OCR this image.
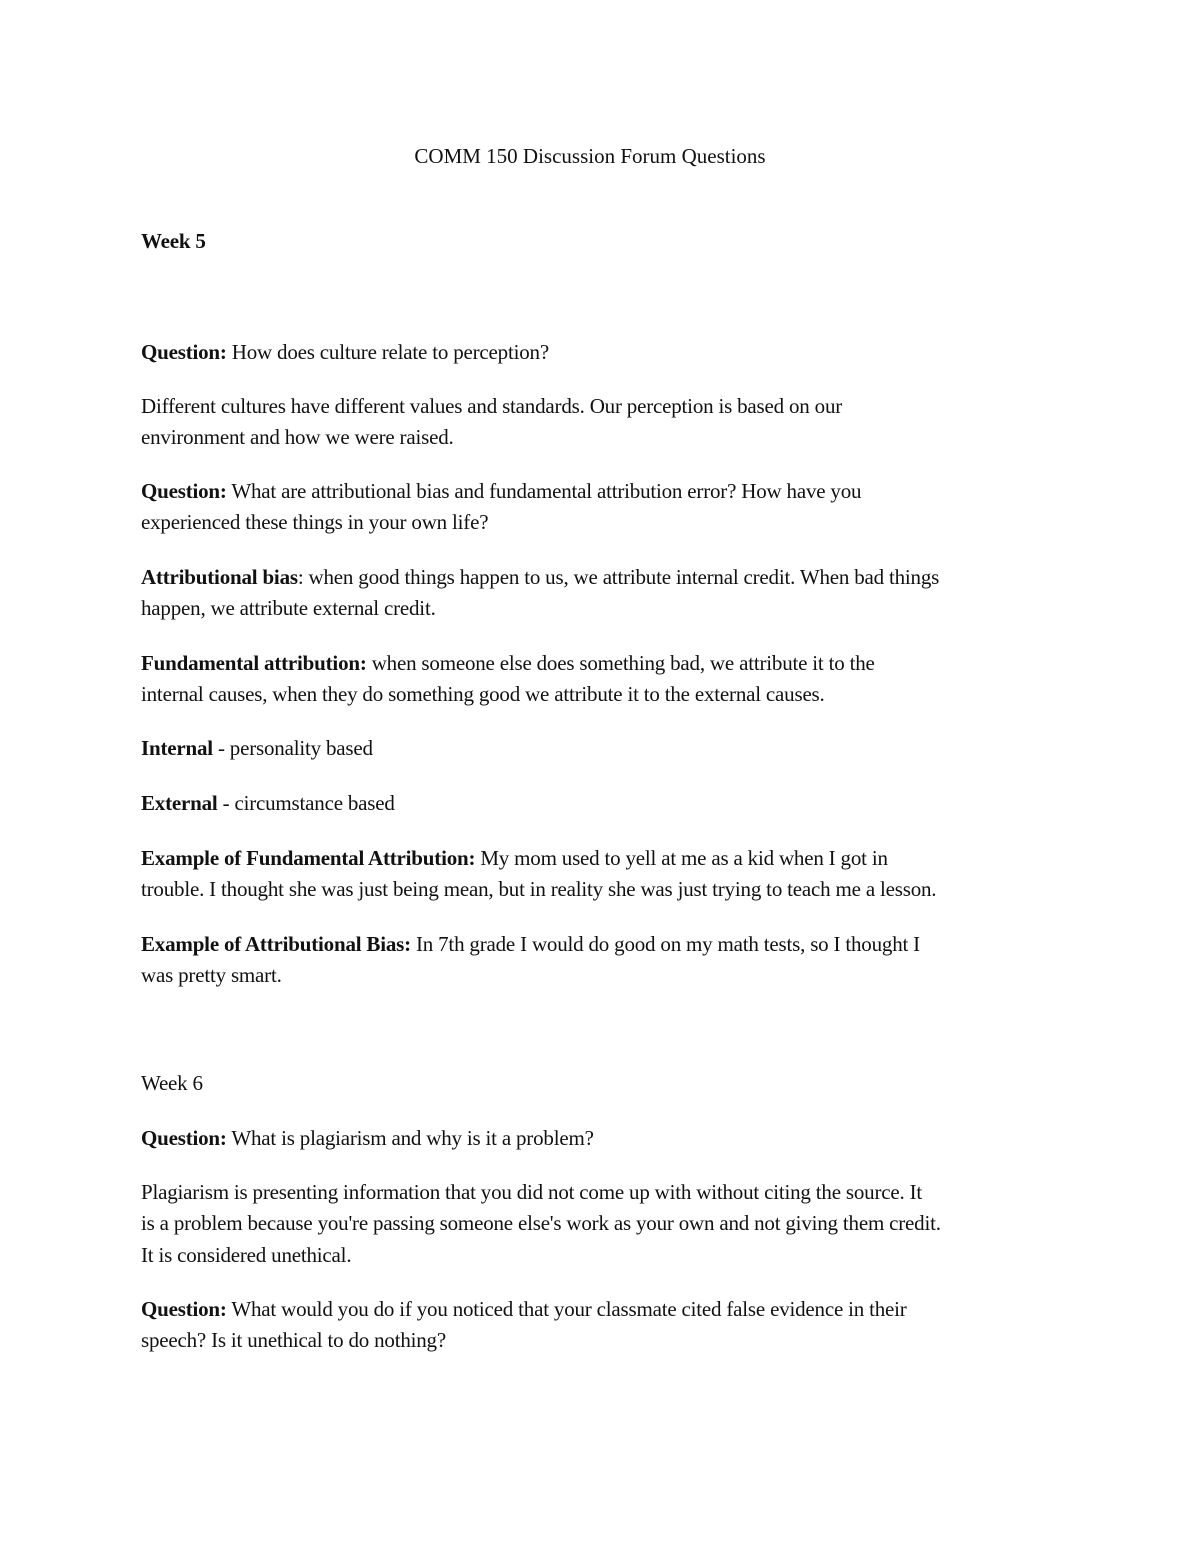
COMM 150 Discussion Forum Questions
Week 5
Question: How does culture relate to perception?
Different cultures have different values and standards. Our perception is based on our
environment and how we were raised.
Question: What are attributional bias and fundamental attribution error? How have you
experienced these things in your own life?
Attributional bias: when good things happen to us, we attribute internal credit. When bad things
happen, we attribute external credit.
Fundamental attribution: when someone else does something bad, we attribute it to the
internal causes, when they do something good we attribute it to the external causes.
Internal - personality based
External - circumstance based
Example of Fundamental Attribution: My mom used to yell at me as a kid when I got in
trouble. I thought she was just being mean, but in reality she was just trying to teach me a lesson.
Example of Attributional Bias: In 7th grade I would do good on my math tests, so I thought I
was pretty smart.
Week 6
Question: What is plagiarism and why is it a problem?
Plagiarism is presenting information that you did not come up with without citing the source. It
is a problem because you're passing someone else's work as your own and not giving them credit.
It is considered unethical.
Question: What would you do if you noticed that your classmate cited false evidence in their
speech? Is it unethical to do nothing?
